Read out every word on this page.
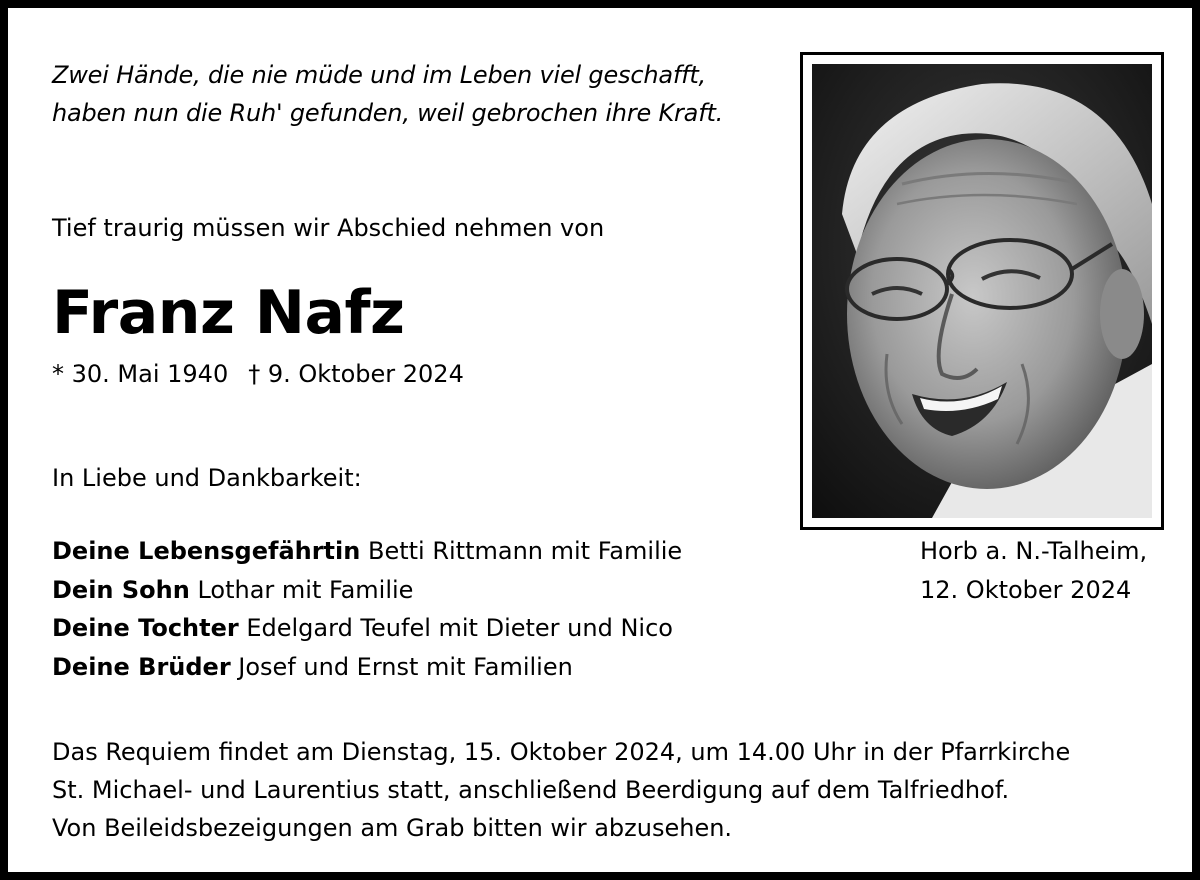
Zwei Hände, die nie müde und im Leben viel geschafft,
haben nun die Ruh' gefunden, weil gebrochen ihre Kraft.
Tief traurig müssen wir Abschied nehmen von
Franz Nafz
* 30. Mai 1940 † 9. Oktober 2024
In Liebe und Dankbarkeit:
Deine Lebensgefährtin Betti Rittmann mit Familie
Dein Sohn Lothar mit Familie
Deine Tochter Edelgard Teufel mit Dieter und Nico
Deine Brüder Josef und Ernst mit Familien
Horb a. N.-Talheim,
12. Oktober 2024
Das Requiem findet am Dienstag, 15. Oktober 2024, um 14.00 Uhr in der Pfarrkirche
St. Michael- und Laurentius statt, anschließend Beerdigung auf dem Talfriedhof.
Von Beileidsbezeigungen am Grab bitten wir abzusehen.
